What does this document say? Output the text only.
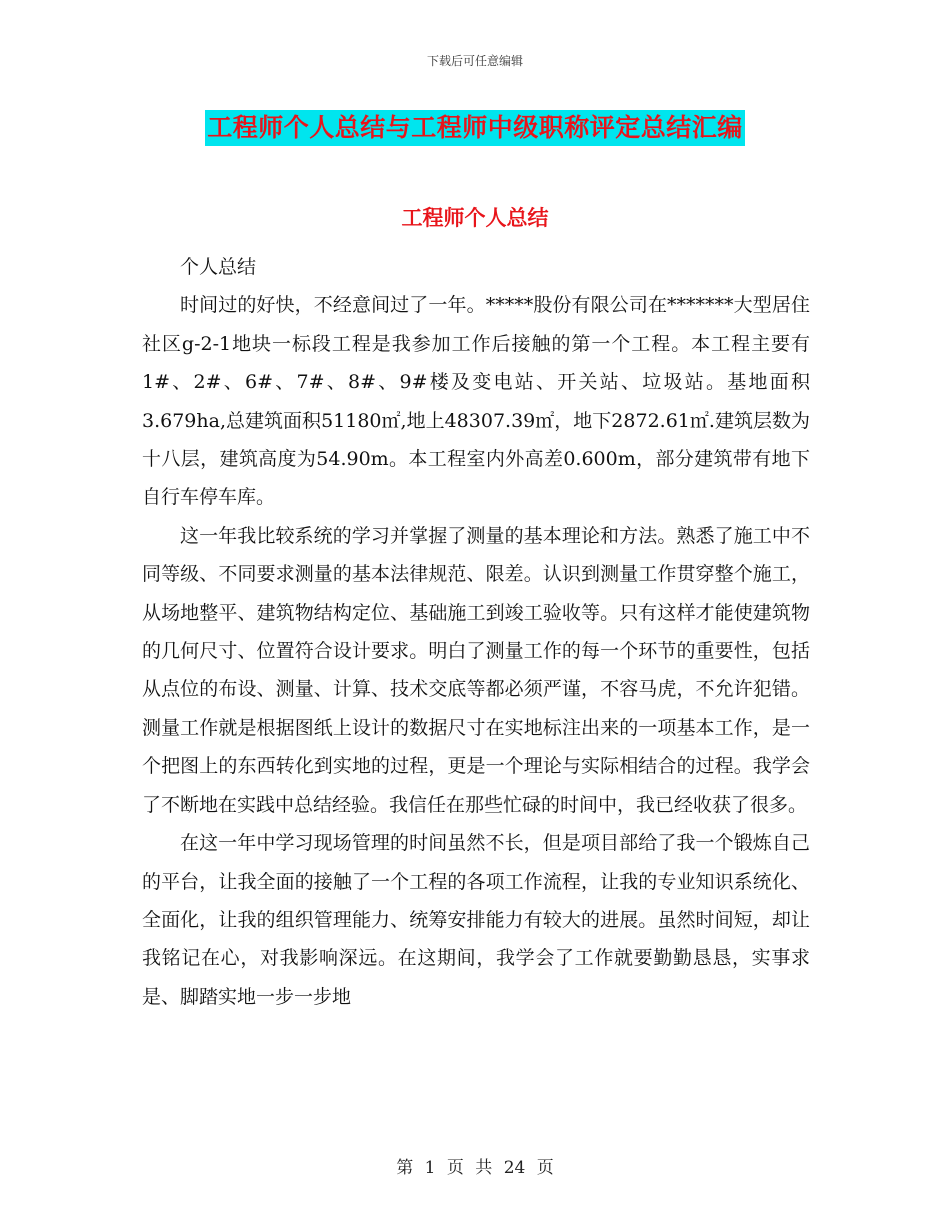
下载后可任意编辑
工程师个人总结与工程师中级职称评定总结汇编
工程师个人总结

个人总结

时间过的好快，不经意间过了一年。*****股份有限公司在*******大型居住社区g-2-1地块一标段工程是我参加工作后接触的第一个工程。本工程主要有1#、2#、6#、7#、8#、9#楼及变电站、开关站、垃圾站。基地面积3.679ha,总建筑面积51180㎡,地上48307.39㎡，地下2872.61㎡.建筑层数为十八层，建筑高度为54.90m。本工程室内外高差0.600m，部分建筑带有地下自行车停车库。

这一年我比较系统的学习并掌握了测量的基本理论和方法。熟悉了施工中不同等级、不同要求测量的基本法律规范、限差。认识到测量工作贯穿整个施工，从场地整平、建筑物结构定位、基础施工到竣工验收等。只有这样才能使建筑物的几何尺寸、位置符合设计要求。明白了测量工作的每一个环节的重要性，包括从点位的布设、测量、计算、技术交底等都必须严谨，不容马虎，不允许犯错。测量工作就是根据图纸上设计的数据尺寸在实地标注出来的一项基本工作，是一个把图上的东西转化到实地的过程，更是一个理论与实际相结合的过程。我学会了不断地在实践中总结经验。我信任在那些忙碌的时间中，我已经收获了很多。

在这一年中学习现场管理的时间虽然不长，但是项目部给了我一个锻炼自己的平台，让我全面的接触了一个工程的各项工作流程，让我的专业知识系统化、全面化，让我的组织管理能力、统筹安排能力有较大的进展。虽然时间短，却让我铭记在心，对我影响深远。在这期间，我学会了工作就要勤勤恳恳，实事求是、脚踏实地一步一步地

第 1 页 共 24 页
